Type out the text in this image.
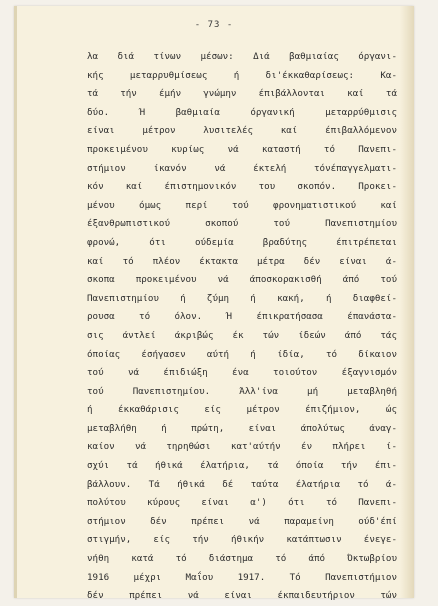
- 73 -
λα διά τίνων μέσων: Διά βαθμιαίας όργανι-
κής μεταρρυθμίσεως ή δι'έκκαθαρίσεως: Κα-
τά τήν έμήν γνώμην έπιβάλλονται καί τά
δύο. Ή βαθμιαία όργανική μεταρρύθμισις
είναι μέτρον λυσιτελές καί έπιβαλλόμενον
προκειμένου κυρίως νά καταστή τό Πανεπι-
στήμιον ίκανόν νά έκτελή τόνέπαγγελματι-
κόν καί έπιστημονικόν του σκοπόν. Προκει-
μένου όμως περί τού φρονηματιστικού καί
έξανθρωπιστικού σκοπού τού Πανεπιστημίου
φρονώ, ότι ούδεμία βραδύτης έπιτρέπεται
καί τό πλέον έκτακτα μέτρα δέν είναι ά-
σκοπα προκειμένου νά άποσκορακισθή άπό τού
Πανεπιστημίου ή ζύμη ή κακή, ή διαφθεί-
ρουσα τό όλον. Ή έπικρατήσασα έπανάστα-
σις άντλεί άκριβώς έκ τών ίδεών άπό τάς
όποίας έσήγασεν αύτή ή ίδία, τό δίκαιον
τού νά έπιδιώξη ένα τοιούτον έξαγνισμόν
τού Πανεπιστημίου. Άλλ'ίνα μή μεταβληθή
ή έκκαθάρισις είς μέτρον έπιζήμιον, ώς
μεταβλήθη ή πρώτη, είναι άπολύτως άναγ-
καίον νά τηρηθώσι κατ'αύτήν έν πλήρει ί-
σχύι τά ήθικά έλατήρια, τά όποία τήν έπι-
βάλλουν. Τά ήθικά δέ ταύτα έλατήρια τό ά-
πολύτου κύρους είναι α') ότι τό Πανεπι-
στήμιον δέν πρέπει νά παραμείνη ούδ'έπί
στιγμήν, είς τήν ήθικήν κατάπτωσιν ένεγε-
νήθη κατά τό διάστημα τό άπό Όκτωβρίου
1916 μέχρι Μαΐου 1917. Τό Πανεπιστήμιον
δέν πρέπει νά είναι έκπαιδευτήριον τών
